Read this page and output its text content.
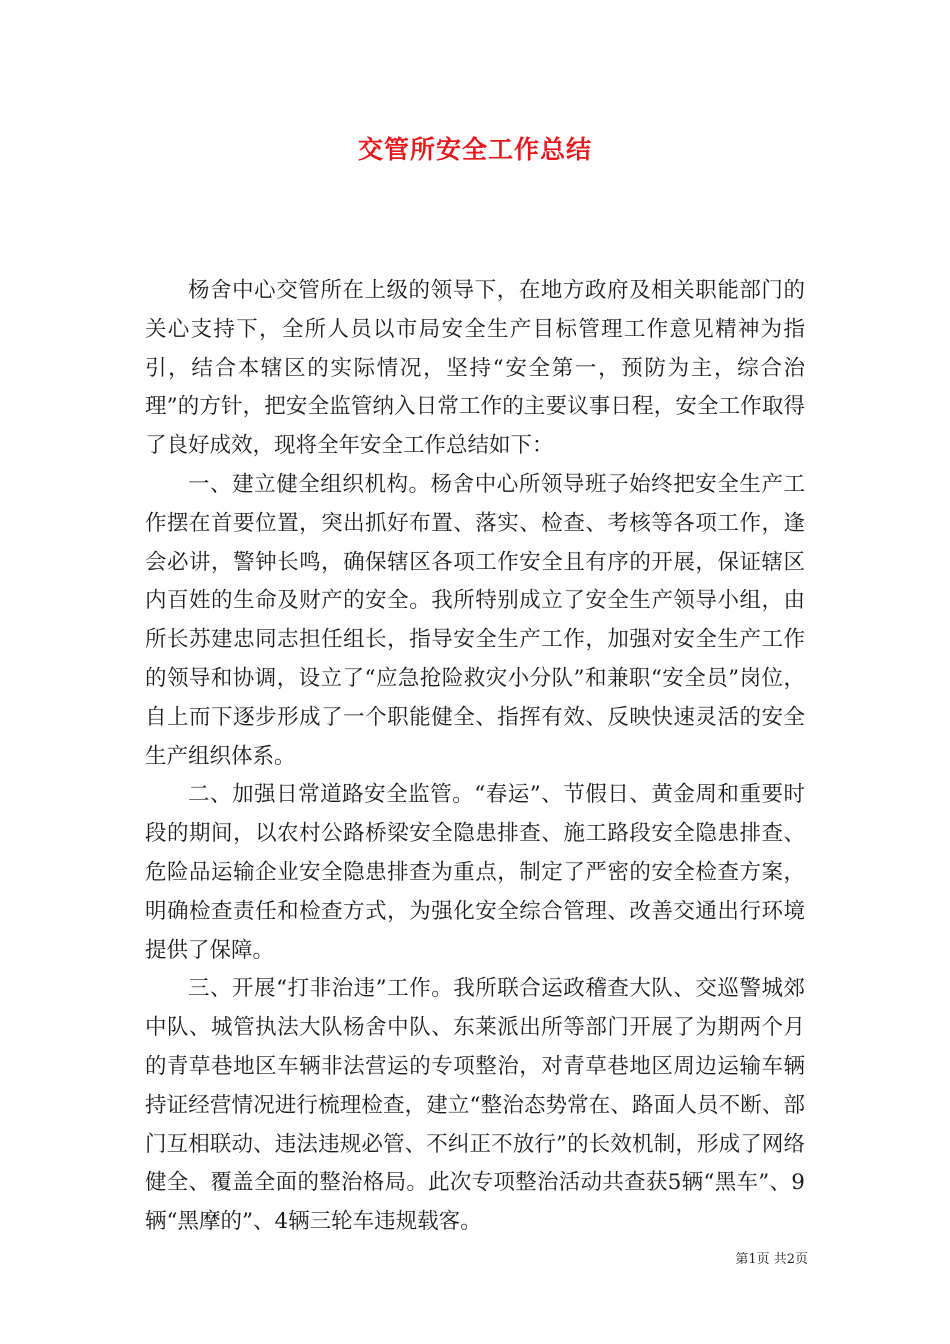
交管所安全工作总结

杨舍中心交管所在上级的领导下，在地方政府及相关职能部门的关心支持下，全所人员以市局安全生产目标管理工作意见精神为指引，结合本辖区的实际情况，坚持“安全第一，预防为主，综合治理”的方针，把安全监管纳入日常工作的主要议事日程，安全工作取得了良好成效，现将全年安全工作总结如下：

一、建立健全组织机构。杨舍中心所领导班子始终把安全生产工作摆在首要位置，突出抓好布置、落实、检查、考核等各项工作，逢会必讲，警钟长鸣，确保辖区各项工作安全且有序的开展，保证辖区内百姓的生命及财产的安全。我所特别成立了安全生产领导小组，由所长苏建忠同志担任组长，指导安全生产工作，加强对安全生产工作的领导和协调，设立了“应急抢险救灾小分队”和兼职“安全员”岗位，自上而下逐步形成了一个职能健全、指挥有效、反映快速灵活的安全生产组织体系。

二、加强日常道路安全监管。“春运”、节假日、黄金周和重要时段的期间，以农村公路桥梁安全隐患排查、施工路段安全隐患排查、危险品运输企业安全隐患排查为重点，制定了严密的安全检查方案，明确检查责任和检查方式，为强化安全综合管理、改善交通出行环境提供了保障。

三、开展“打非治违”工作。我所联合运政稽查大队、交巡警城郊中队、城管执法大队杨舍中队、东莱派出所等部门开展了为期两个月的青草巷地区车辆非法营运的专项整治，对青草巷地区周边运输车辆持证经营情况进行梳理检查，建立“整治态势常在、路面人员不断、部门互相联动、违法违规必管、不纠正不放行”的长效机制，形成了网络健全、覆盖全面的整治格局。此次专项整治活动共查获5辆“黑车”、9辆“黑摩的”、4辆三轮车违规载客。

第1页 共2页
